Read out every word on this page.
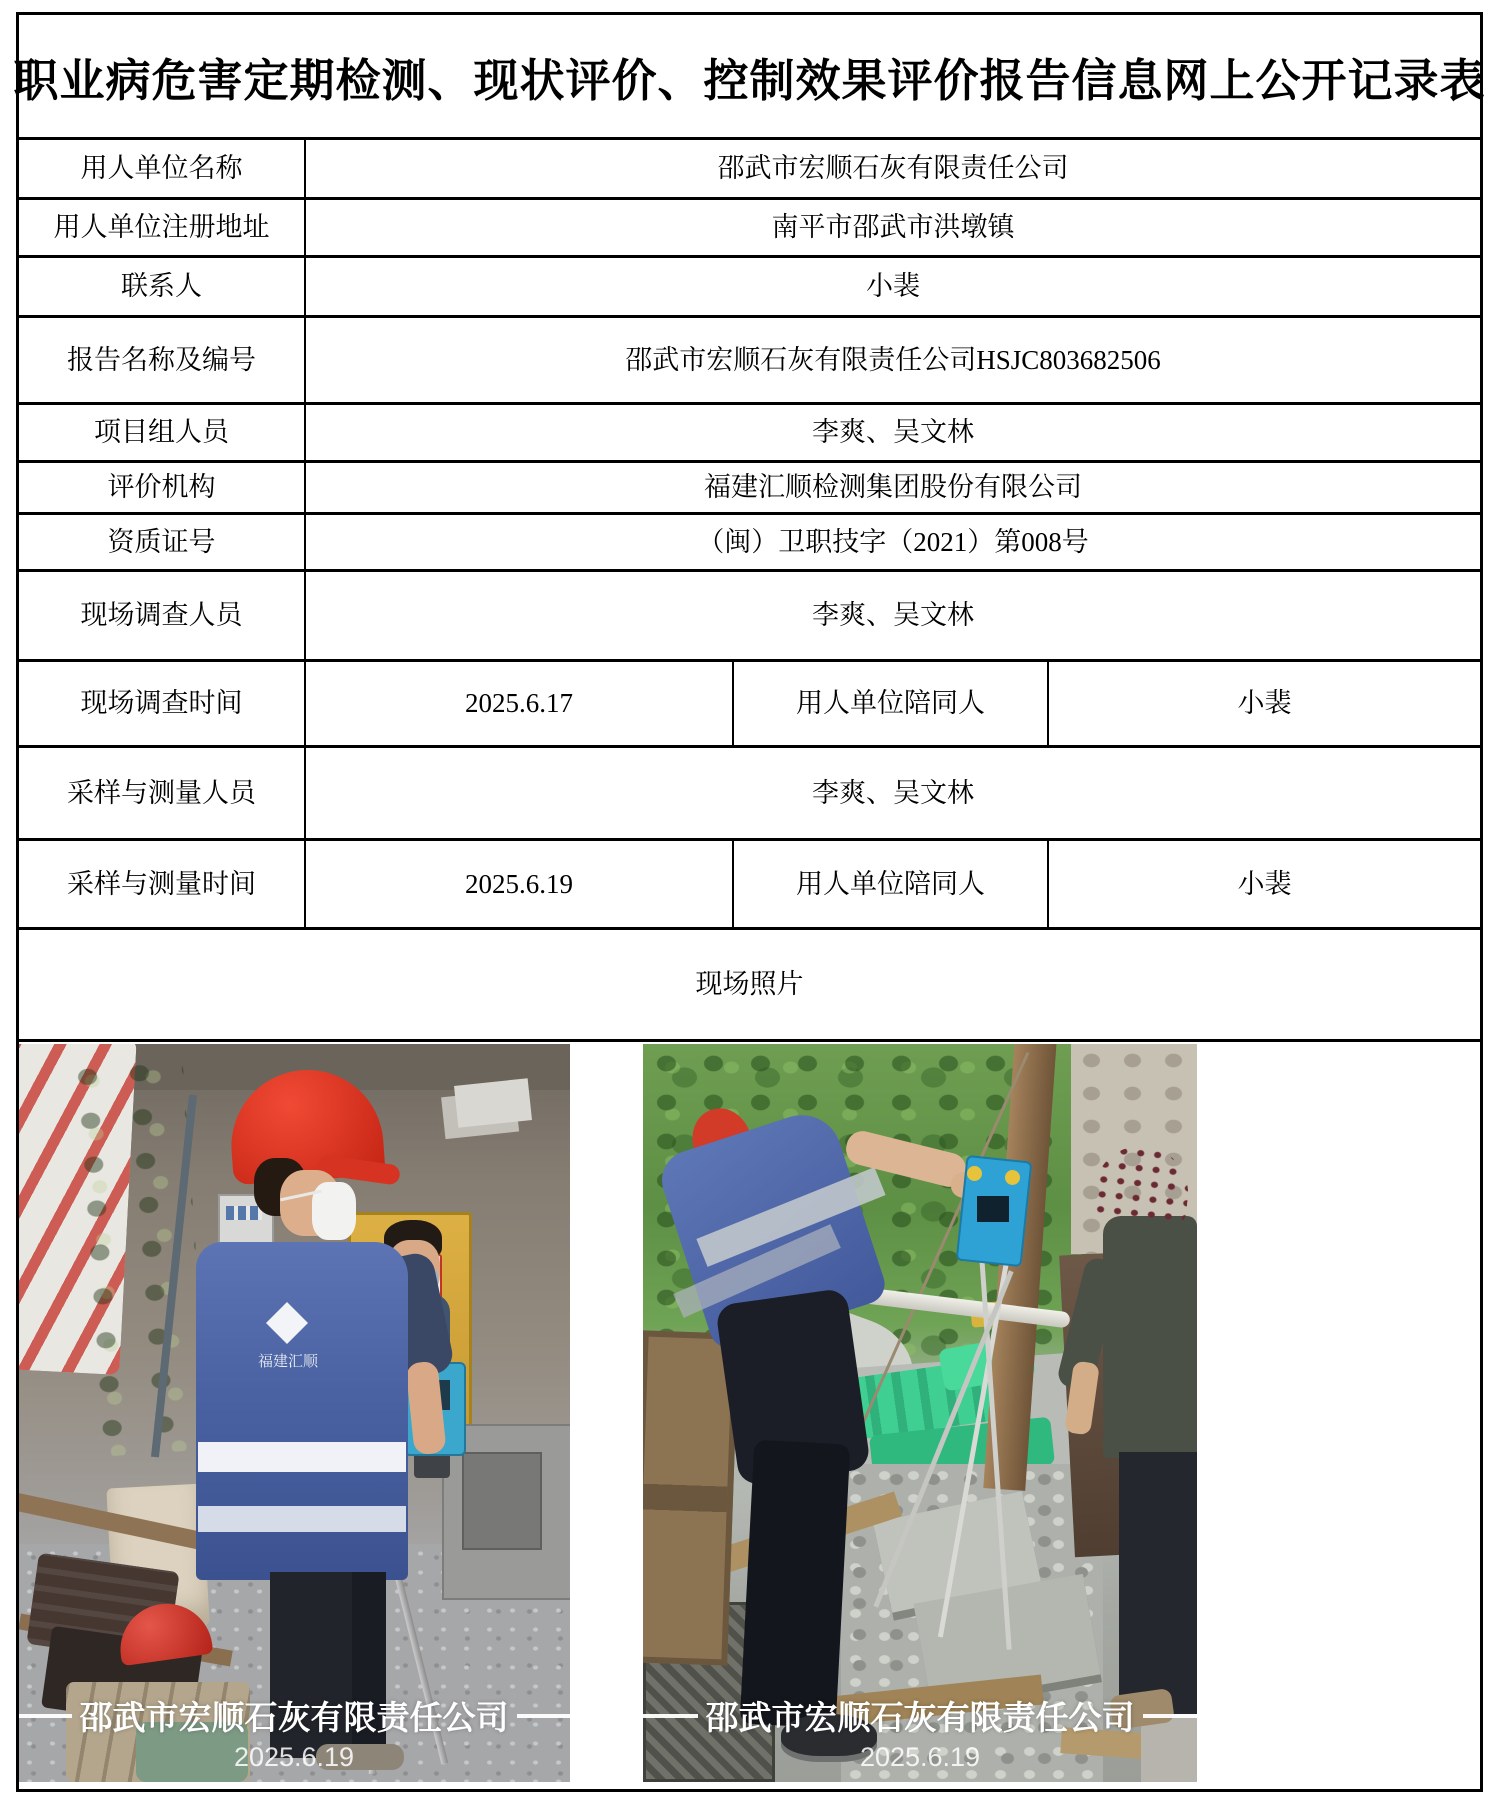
职业病危害定期检测、现状评价、控制效果评价报告信息网上公开记录表
用人单位名称	邵武市宏顺石灰有限责任公司
用人单位注册地址	南平市邵武市洪墩镇
联系人	小裴
报告名称及编号	邵武市宏顺石灰有限责任公司HSJC803682506
项目组人员	李爽、吴文林
评价机构	福建汇顺检测集团股份有限公司
资质证号	（闽）卫职技字（2021）第008号
现场调查人员	李爽、吴文林
现场调查时间	2025.6.17	用人单位陪同人	小裴
采样与测量人员	李爽、吴文林
采样与测量时间	2025.6.19	用人单位陪同人	小裴
现场照片
福建汇顺
邵武市宏顺石灰有限责任公司
2025.6.19
邵武市宏顺石灰有限责任公司
2025.6.19
